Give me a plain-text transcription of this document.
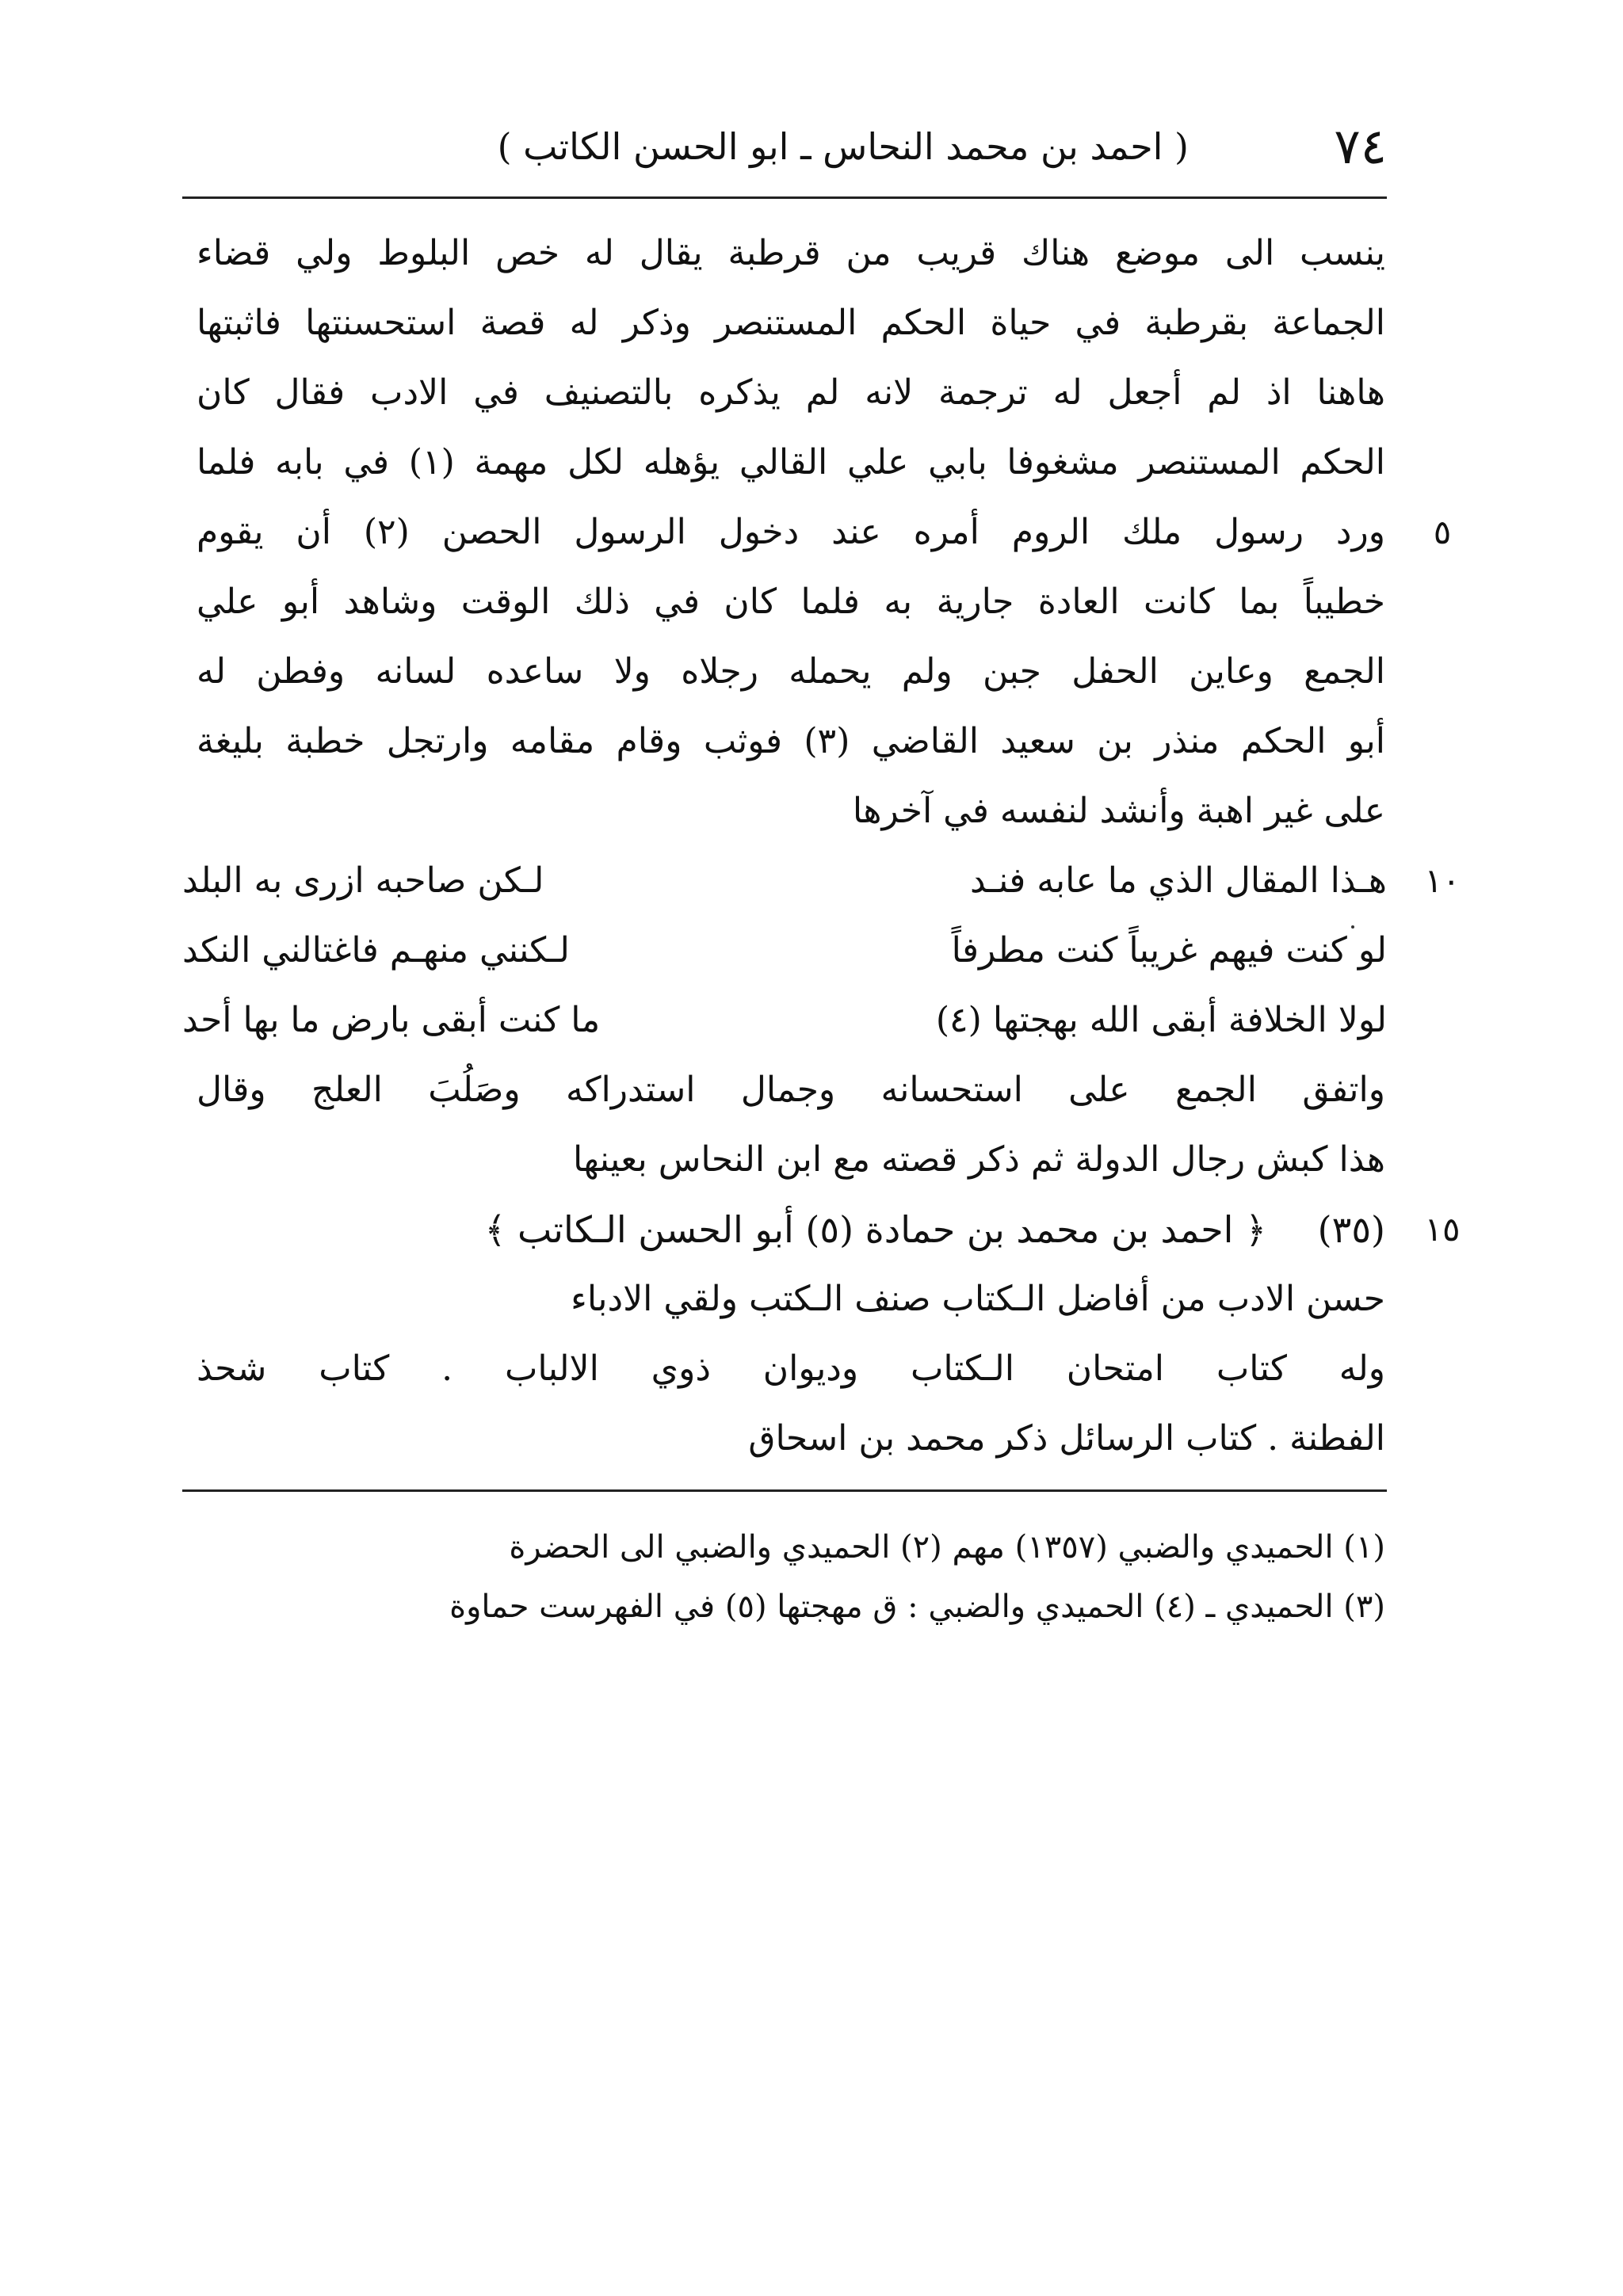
٧٤
( احمد بن محمد النحاس ـ ابو الحسن الكاتب )
ينسب الى موضع هناك قريب من قرطبة يقال له خص البلوط ولي قضاء
الجماعة بقرطبة في حياة الحكم المستنصر وذكر له قصة استحسنتها فاثبتها
هاهنا اذ لم أجعل له ترجمة لانه لم يذكره بالتصنيف في الادب فقال كان
الحكم المستنصر مشغوفا بابي علي القالي يؤهله لكل مهمة (١) في بابه فلما
ورد رسول ملك الروم أمره عند دخول الرسول الحصن (٢) أن يقوم	٥
خطيباً بما كانت العادة جارية به فلما كان في ذلك الوقت وشاهد أبو علي
الجمع وعاين الحفل جبن ولم يحمله رجلاه ولا ساعده لسانه وفطن له
أبو الحكم منذر بن سعيد القاضي (٣) فوثب وقام مقامه وارتجل خطبة بليغة
على غير اهبة وأنشد لنفسه في آخرها
١٠
هـذا المقال الذي ما عابه فنـد
لـكن صاحبه ازرى به البلد
لو كنت فيهم غريباً كنت مطرفاً
لـكنني منهـم فاغتالني النكد
لولا الخلافة أبقى الله بهجتها (٤)
ما كنت أبقى بارض ما بها أحد
واتفق الجمع على استحسانه وجمال استدراكه وصَلُبَ العلج وقال
هذا كبش رجال الدولة ثم ذكر قصته مع ابن النحاس بعينها
(٣٥) ﴿ احمد بن محمد بن حمادة (٥) أبو الحسن الـكاتب ﴾	١٥
حسن الادب من أفاضل الـكتاب صنف الـكتب ولقي الادباء
وله كتاب امتحان الـكتاب وديوان ذوي الالباب . كتاب شحذ
الفطنة . كتاب الرسائل ذكر محمد بن اسحاق
(١) الحميدي والضبي (١٣٥٧) مهم (٢) الحميدي والضبي الى الحضرة
(٣) الحميدي ـ (٤) الحميدي والضبي : ق مهجتها (٥) في الفهرست حماوة
